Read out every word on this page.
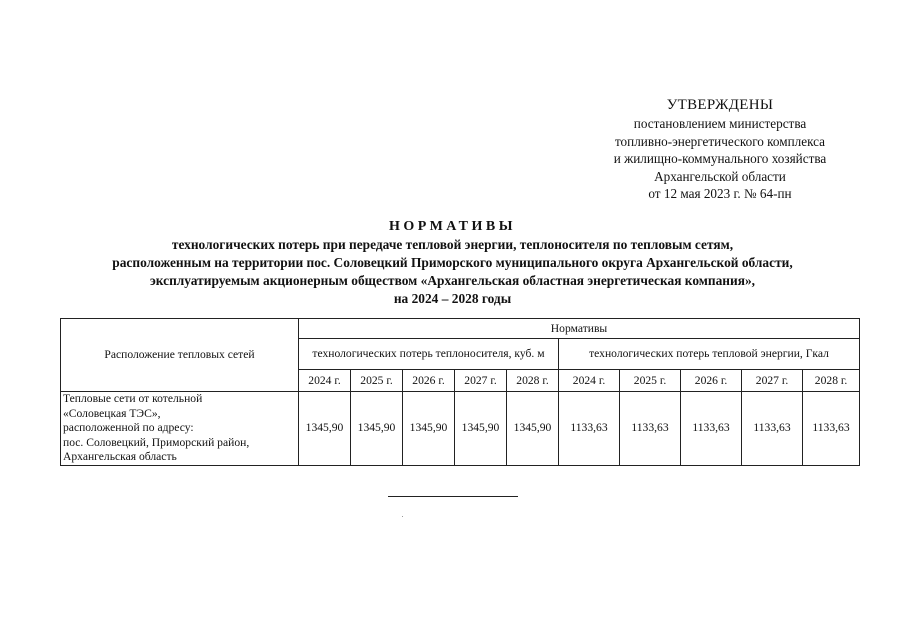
УТВЕРЖДЕНЫ
постановлением министерства
топливно-энергетического комплекса
и жилищно-коммунального хозяйства
Архангельской области
от 12 мая 2023 г. № 64-пн
НОРМАТИВЫ
технологических потерь при передаче тепловой энергии, теплоносителя по тепловым сетям,
расположенным на территории пос. Соловецкий Приморского муниципального округа Архангельской области,
эксплуатируемым акционерным обществом «Архангельская областная энергетическая компания»,
на 2024 – 2028 годы
Расположение тепловых сетей	Нормативы									
	технологических потерь теплоносителя, куб. м					технологических потерь тепловой энергии, Гкал				
	2024 г.	2025 г.	2026 г.	2027 г.	2028 г.	2024 г.	2025 г.	2026 г.	2027 г.	2028 г.

Тепловые сети от котельной
«Соловецкая ТЭС»,
расположенной по адресу:
пос. Соловецкий, Приморский район,
Архангельская область	1345,90	1345,90	1345,90	1345,90	1345,90	1133,63	1133,63	1133,63	1133,63	1133,63
